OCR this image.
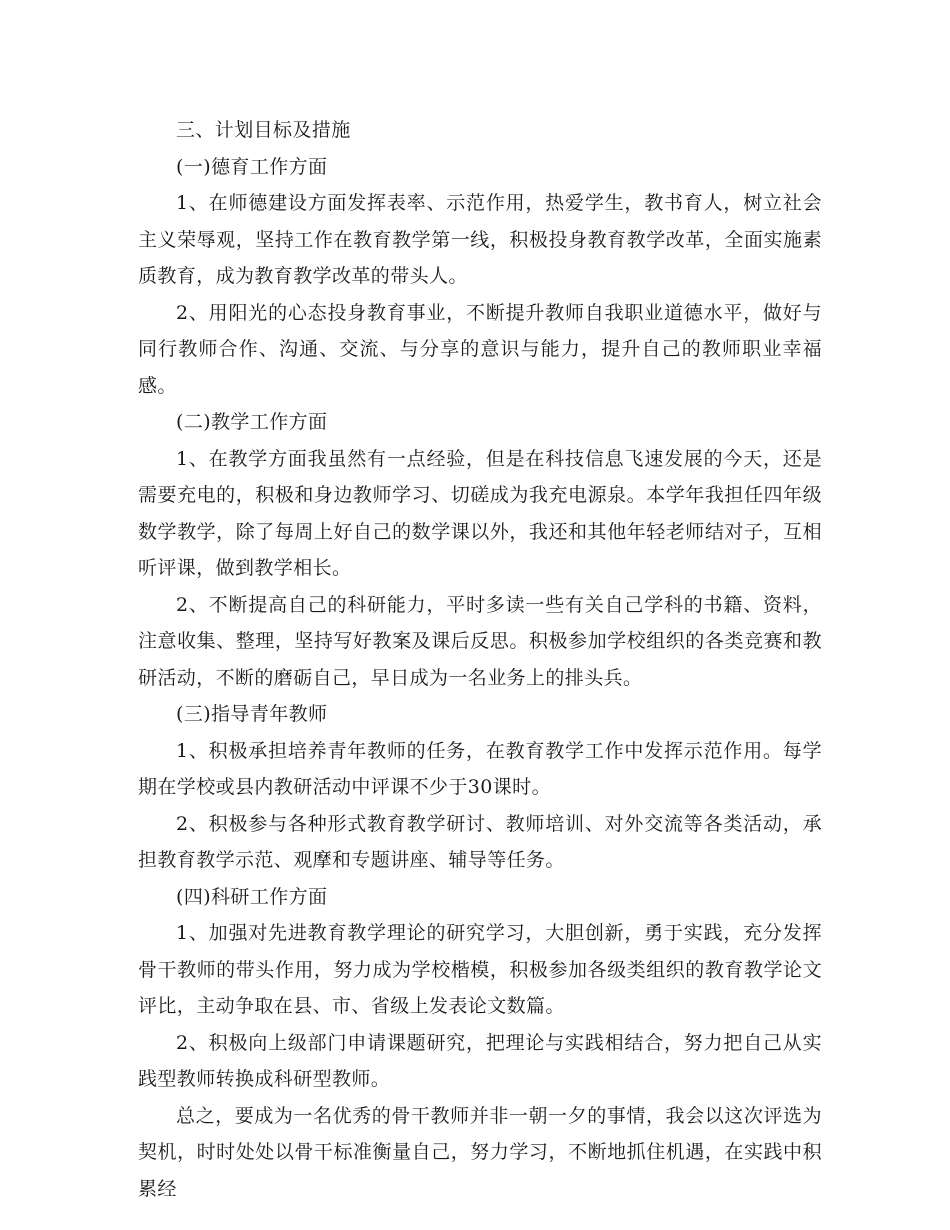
三、计划目标及措施

(一)德育工作方面

1、在师德建设方面发挥表率、示范作用，热爱学生，教书育人，树立社会主义荣辱观，坚持工作在教育教学第一线，积极投身教育教学改革，全面实施素质教育，成为教育教学改革的带头人。

2、用阳光的心态投身教育事业，不断提升教师自我职业道德水平，做好与同行教师合作、沟通、交流、与分享的意识与能力，提升自己的教师职业幸福感。

(二)教学工作方面

1、在教学方面我虽然有一点经验，但是在科技信息飞速发展的今天，还是需要充电的，积极和身边教师学习、切磋成为我充电源泉。本学年我担任四年级数学教学，除了每周上好自己的数学课以外，我还和其他年轻老师结对子，互相听评课，做到教学相长。

2、不断提高自己的科研能力，平时多读一些有关自己学科的书籍、资料，注意收集、整理，坚持写好教案及课后反思。积极参加学校组织的各类竞赛和教研活动，不断的磨砺自己，早日成为一名业务上的排头兵。

(三)指导青年教师

1、积极承担培养青年教师的任务，在教育教学工作中发挥示范作用。每学期在学校或县内教研活动中评课不少于30课时。

2、积极参与各种形式教育教学研讨、教师培训、对外交流等各类活动，承担教育教学示范、观摩和专题讲座、辅导等任务。

(四)科研工作方面

1、加强对先进教育教学理论的研究学习，大胆创新，勇于实践，充分发挥骨干教师的带头作用，努力成为学校楷模，积极参加各级类组织的教育教学论文评比，主动争取在县、市、省级上发表论文数篇。

2、积极向上级部门申请课题研究，把理论与实践相结合，努力把自己从实践型教师转换成科研型教师。

总之，要成为一名优秀的骨干教师并非一朝一夕的事情，我会以这次评选为契机，时时处处以骨干标准衡量自己，努力学习，不断地抓住机遇，在实践中积累经
